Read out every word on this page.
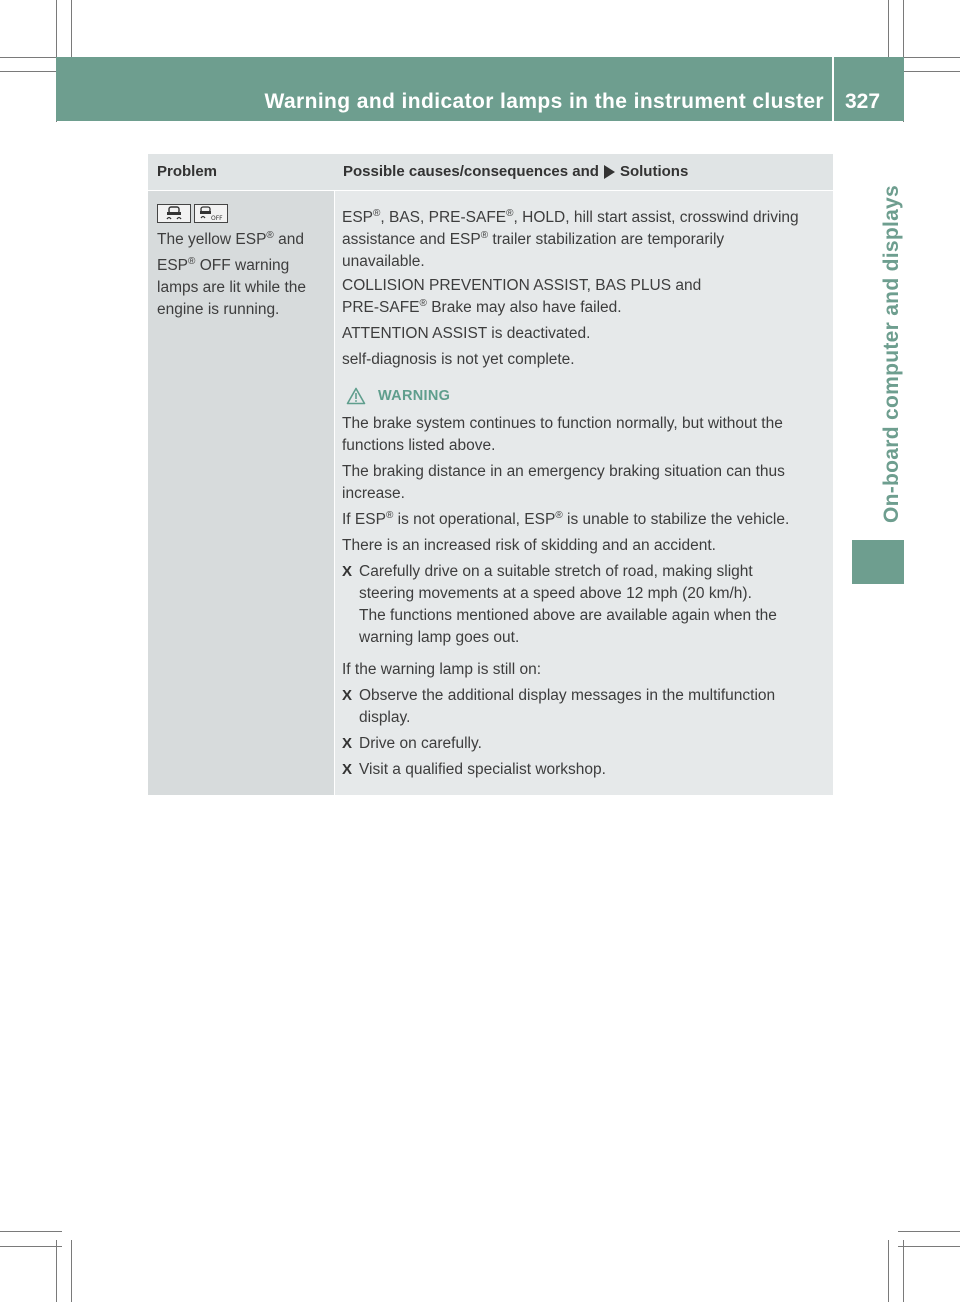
Warning and indicator lamps in the instrument cluster 327
On-board computer and displays
Problem	Possible causes/consequences and Solutions
OFF

The yellow ESP® and

ESP® OFF warning

lamps are lit while the

engine is running.

ESP®, BAS, PRE-SAFE®, HOLD, hill start assist, crosswind driving
assistance and ESP® trailer stabilization are temporarily
unavailable.

COLLISION PREVENTION ASSIST, BAS PLUS and
PRE-SAFE® Brake may also have failed.

ATTENTION ASSIST is deactivated.

self-diagnosis is not yet complete.

WARNING

The brake system continues to function normally, but without the
functions listed above.

The braking distance in an emergency braking situation can thus
increase.

If ESP® is not operational, ESP® is unable to stabilize the vehicle.

There is an increased risk of skidding and an accident.

X Carefully drive on a suitable stretch of road, making slight
steering movements at a speed above 12 mph (20 km/h).
The functions mentioned above are available again when the
warning lamp goes out.

If the warning lamp is still on:

X Observe the additional display messages in the multifunction
display.
X Drive on carefully.
X Visit a qualified specialist workshop.
